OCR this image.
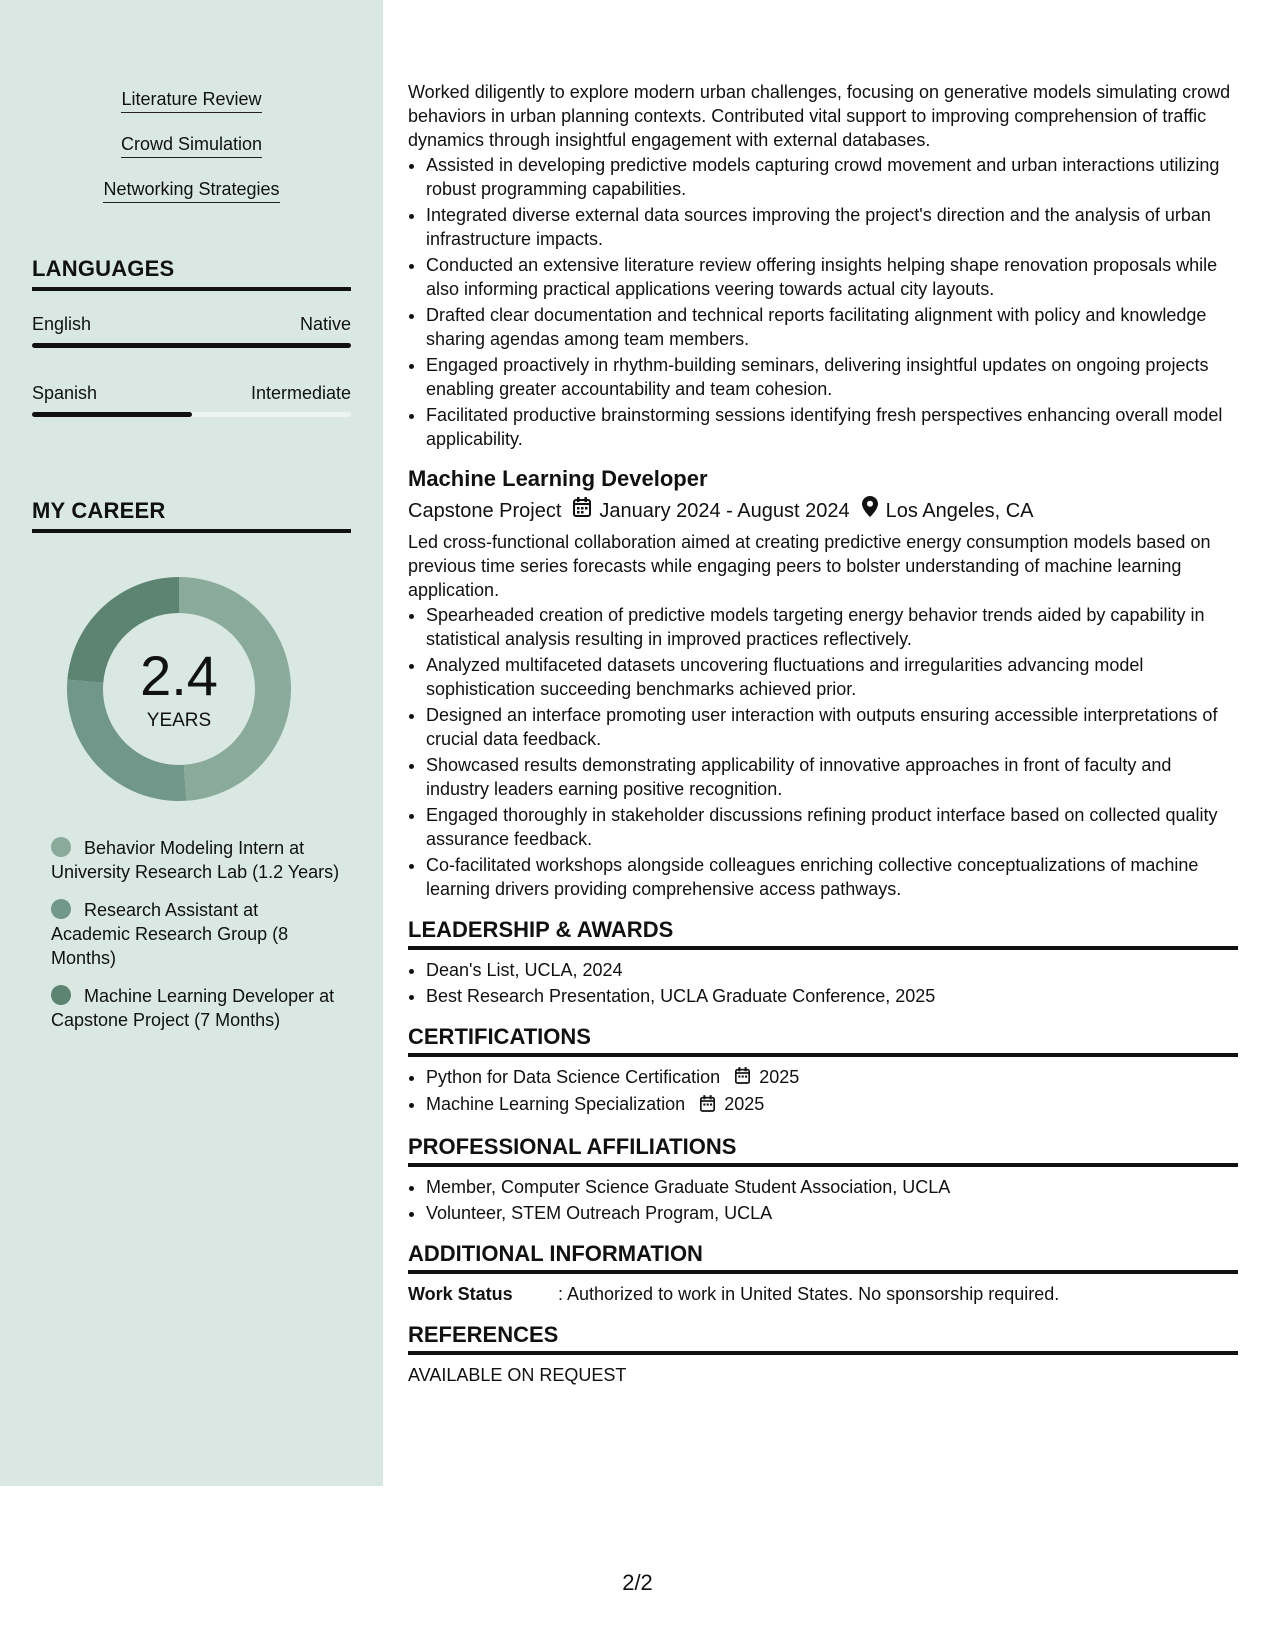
Literature Review
Crowd Simulation
Networking Strategies
LANGUAGES
English	Native
Spanish	Intermediate
MY CAREER
2.4
YEARS
Behavior Modeling Intern at University Research Lab (1.2 Years)
Research Assistant at Academic Research Group (8 Months)
Machine Learning Developer at Capstone Project (7 Months)

Worked diligently to explore modern urban challenges, focusing on generative models simulating crowd behaviors in urban planning contexts. Contributed vital support to improving comprehension of traffic dynamics through insightful engagement with external databases.

• Assisted in developing predictive models capturing crowd movement and urban interactions utilizing robust programming capabilities.
• Integrated diverse external data sources improving the project's direction and the analysis of urban infrastructure impacts.
• Conducted an extensive literature review offering insights helping shape renovation proposals while also informing practical applications veering towards actual city layouts.
• Drafted clear documentation and technical reports facilitating alignment with policy and knowledge sharing agendas among team members.
• Engaged proactively in rhythm-building seminars, delivering insightful updates on ongoing projects enabling greater accountability and team cohesion.
• Facilitated productive brainstorming sessions identifying fresh perspectives enhancing overall model applicability.
Machine Learning Developer
Capstone Project January 2024 - August 2024 Los Angeles, CA

Led cross-functional collaboration aimed at creating predictive energy consumption models based on previous time series forecasts while engaging peers to bolster understanding of machine learning application.

• Spearheaded creation of predictive models targeting energy behavior trends aided by capability in statistical analysis resulting in improved practices reflectively.
• Analyzed multifaceted datasets uncovering fluctuations and irregularities advancing model sophistication succeeding benchmarks achieved prior.
• Designed an interface promoting user interaction with outputs ensuring accessible interpretations of crucial data feedback.
• Showcased results demonstrating applicability of innovative approaches in front of faculty and industry leaders earning positive recognition.
• Engaged thoroughly in stakeholder discussions refining product interface based on collected quality assurance feedback.
• Co-facilitated workshops alongside colleagues enriching collective conceptualizations of machine learning drivers providing comprehensive access pathways.
LEADERSHIP & AWARDS
• Dean's List, UCLA, 2024
• Best Research Presentation, UCLA Graduate Conference, 2025
CERTIFICATIONS
• Python for Data Science Certification 2025
• Machine Learning Specialization 2025
PROFESSIONAL AFFILIATIONS
• Member, Computer Science Graduate Student Association, UCLA
• Volunteer, STEM Outreach Program, UCLA
ADDITIONAL INFORMATION
Work Status	: Authorized to work in United States. No sponsorship required.
REFERENCES
AVAILABLE ON REQUEST
2/2
